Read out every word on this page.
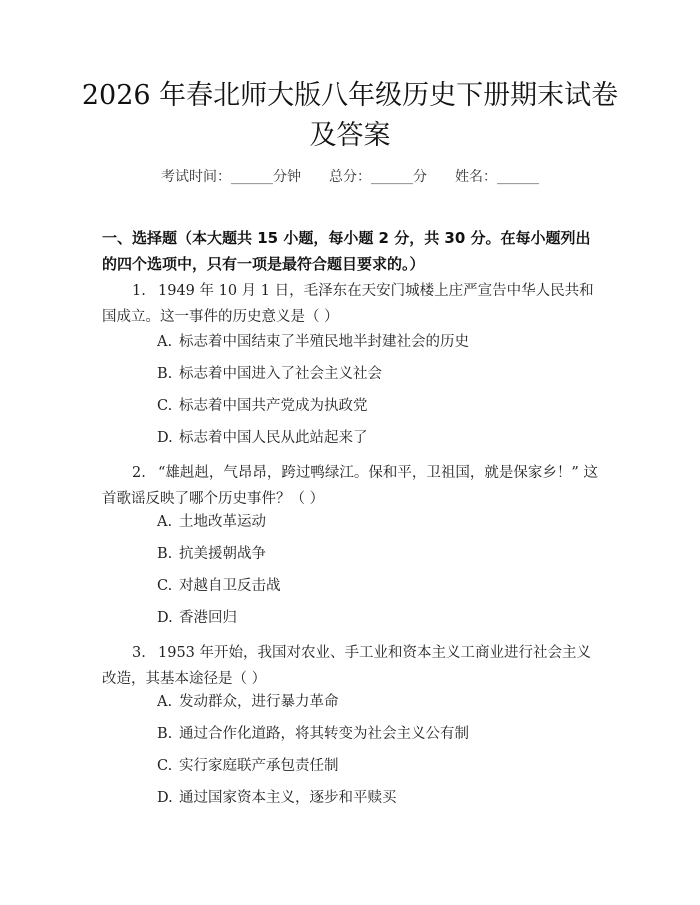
2026 年春北师大版八年级历史下册期末试卷
及答案
考试时间：______分钟 总分：______分 姓名：______
一、选择题（本大题共 15 小题，每小题 2 分，共 30 分。在每小题列出的四个选项中，只有一项是最符合题目要求的。）
1. 1949 年 10 月 1 日，毛泽东在天安门城楼上庄严宣告中华人民共和国成立。这一事件的历史意义是（ ）
A. 标志着中国结束了半殖民地半封建社会的历史
B. 标志着中国进入了社会主义社会
C. 标志着中国共产党成为执政党
D. 标志着中国人民从此站起来了
2. “雄赳赳，气昂昂，跨过鸭绿江。保和平，卫祖国，就是保家乡！” 这首歌谣反映了哪个历史事件？（ ）
A. 土地改革运动
B. 抗美援朝战争
C. 对越自卫反击战
D. 香港回归
3. 1953 年开始，我国对农业、手工业和资本主义工商业进行社会主义改造，其基本途径是（ ）
A. 发动群众，进行暴力革命
B. 通过合作化道路，将其转变为社会主义公有制
C. 实行家庭联产承包责任制
D. 通过国家资本主义，逐步和平赎买
